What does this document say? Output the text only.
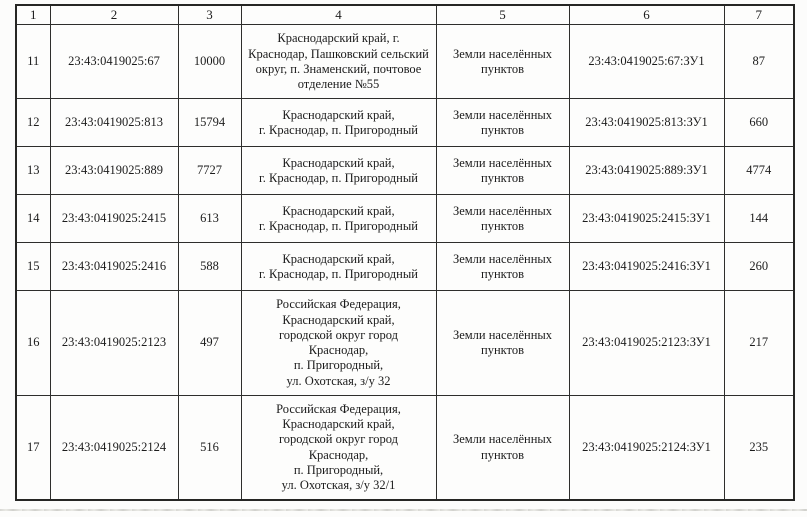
1	2	3	4	5	6	7
11	23:43:0419025:67	10000	Краснодарский край, г.
Краснодар, Пашковский сельский
округ, п. Знаменский, почтовое
отделение №55	Земли населённых
пунктов	23:43:0419025:67:ЗУ1	87
12	23:43:0419025:813	15794	Краснодарский край,
г. Краснодар, п. Пригородный	Земли населённых
пунктов	23:43:0419025:813:ЗУ1	660
13	23:43:0419025:889	7727	Краснодарский край,
г. Краснодар, п. Пригородный	Земли населённых
пунктов	23:43:0419025:889:ЗУ1	4774
14	23:43:0419025:2415	613	Краснодарский край,
г. Краснодар, п. Пригородный	Земли населённых
пунктов	23:43:0419025:2415:ЗУ1	144
15	23:43:0419025:2416	588	Краснодарский край,
г. Краснодар, п. Пригородный	Земли населённых
пунктов	23:43:0419025:2416:ЗУ1	260
16	23:43:0419025:2123	497	Российская Федерация,
Краснодарский край,
городской округ город
Краснодар,
п. Пригородный,
ул. Охотская, з/у 32	Земли населённых
пунктов	23:43:0419025:2123:ЗУ1	217
17	23:43:0419025:2124	516	Российская Федерация,
Краснодарский край,
городской округ город
Краснодар,
п. Пригородный,
ул. Охотская, з/у 32/1	Земли населённых
пунктов	23:43:0419025:2124:ЗУ1	235
